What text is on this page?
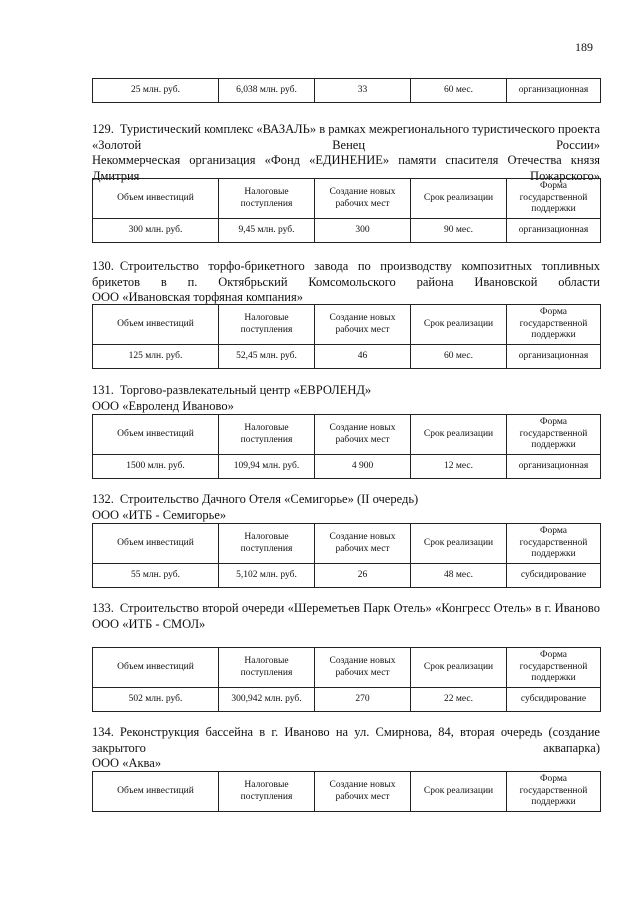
189
25 млн. руб.	6,038 млн. руб.	33	60 мес.	организационная
129. Туристический комплекс «ВАЗАЛЬ» в рамках межрегионального туристического проекта «Золотой Венец России»
Некоммерческая организация «Фонд «ЕДИНЕНИЕ» памяти спасителя Отечества князя Дмитрия Пожарского»
Объем инвестиций	Налоговые поступления	Создание новых рабочих мест	Срок реализации	Форма государственной поддержки
300 млн. руб.	9,45 млн. руб.	300	90 мес.	организационная
130. Строительство торфо-брикетного завода по производству композитных топливных брикетов в п. Октябрьский Комсомольского района Ивановской области
ООО «Ивановская торфяная компания»
Объем инвестиций	Налоговые поступления	Создание новых рабочих мест	Срок реализации	Форма государственной поддержки
125 млн. руб.	52,45 млн. руб.	46	60 мес.	организационная
131. Торгово-развлекательный центр «ЕВРОЛЕНД»
ООО «Евроленд Иваново»
Объем инвестиций	Налоговые поступления	Создание новых рабочих мест	Срок реализации	Форма государственной поддержки
1500 млн. руб.	109,94 млн. руб.	4 900	12 мес.	организационная
132. Строительство Дачного Отеля «Семигорье» (II очередь)
ООО «ИТБ - Семигорье»
Объем инвестиций	Налоговые поступления	Создание новых рабочих мест	Срок реализации	Форма государственной поддержки
55 млн. руб.	5,102 млн. руб.	26	48 мес.	субсидирование
133. Строительство второй очереди «Шереметьев Парк Отель» «Конгресс Отель» в г. Иваново
ООО «ИТБ - СМОЛ»
Объем инвестиций	Налоговые поступления	Создание новых рабочих мест	Срок реализации	Форма государственной поддержки
502 млн. руб.	300,942 млн. руб.	270	22 мес.	субсидирование
134. Реконструкция бассейна в г. Иваново на ул. Смирнова, 84, вторая очередь (создание закрытого аквапарка)
ООО «Аква»
Объем инвестиций	Налоговые поступления	Создание новых рабочих мест	Срок реализации	Форма государственной поддержки
